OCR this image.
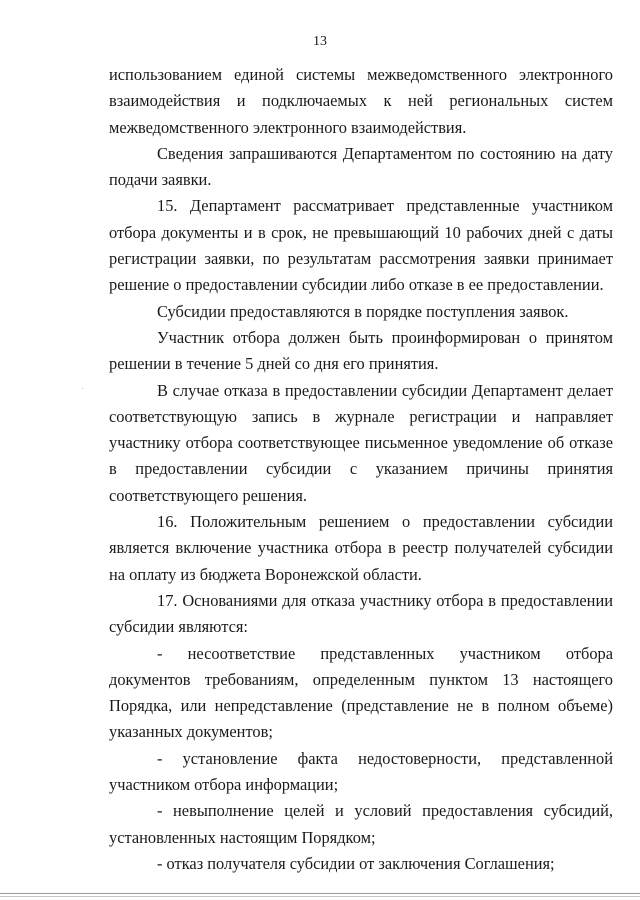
13

использованием единой системы межведомственного электронного взаимодействия и подключаемых к ней региональных систем межведомственного электронного взаимодействия.

Сведения запрашиваются Департаментом по состоянию на дату подачи заявки.

15. Департамент рассматривает представленные участником отбора документы и в срок, не превышающий 10 рабочих дней с даты регистрации заявки, по результатам рассмотрения заявки принимает решение о предоставлении субсидии либо отказе в ее предоставлении.

Субсидии предоставляются в порядке поступления заявок.

Участник отбора должен быть проинформирован о принятом решении в течение 5 дней со дня его принятия.

В случае отказа в предоставлении субсидии Департамент делает соответствующую запись в журнале регистрации и направляет участнику отбора соответствующее письменное уведомление об отказе в предоставлении субсидии с указанием причины принятия соответствующего решения.

16. Положительным решением о предоставлении субсидии является включение участника отбора в реестр получателей субсидии на оплату из бюджета Воронежской области.

17. Основаниями для отказа участнику отбора в предоставлении субсидии являются:

- несоответствие представленных участником отбора документов требованиям, определенным пунктом 13 настоящего Порядка, или непредставление (представление не в полном объеме) указанных документов;

- установление факта недостоверности, представленной участником отбора информации;

- невыполнение целей и условий предоставления субсидий, установленных настоящим Порядком;

- отказ получателя субсидии от заключения Соглашения;
